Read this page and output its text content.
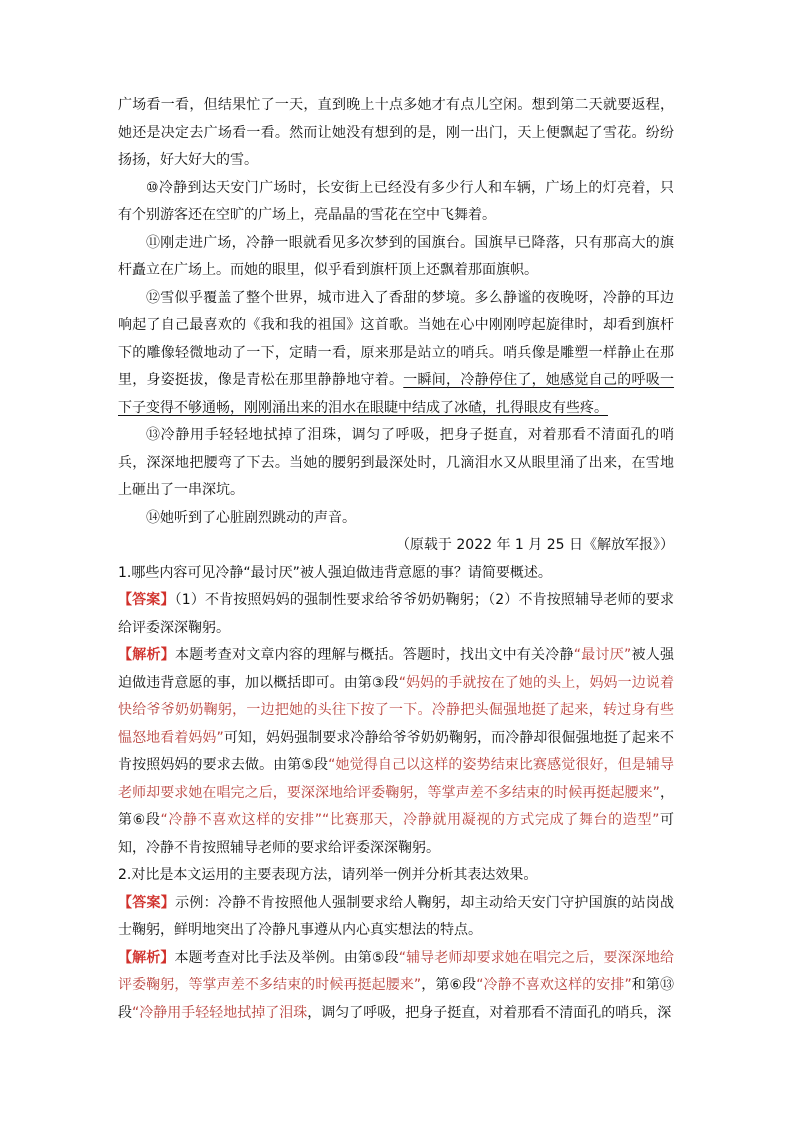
广场看一看，但结果忙了一天，直到晚上十点多她才有点儿空闲。想到第二天就要返程，她还是决定去广场看一看。然而让她没有想到的是，刚一出门，天上便飘起了雪花。纷纷扬扬，好大好大的雪。

⑩冷静到达天安门广场时，长安街上已经没有多少行人和车辆，广场上的灯亮着，只有个别游客还在空旷的广场上，亮晶晶的雪花在空中飞舞着。

⑪刚走进广场，冷静一眼就看见多次梦到的国旗台。国旗早已降落，只有那高大的旗杆矗立在广场上。而她的眼里，似乎看到旗杆顶上还飘着那面旗帜。

⑫雪似乎覆盖了整个世界，城市进入了香甜的梦境。多么静谧的夜晚呀，冷静的耳边响起了自己最喜欢的《我和我的祖国》这首歌。当她在心中刚刚哼起旋律时，却看到旗杆下的雕像轻微地动了一下，定睛一看，原来那是站立的哨兵。哨兵像是雕塑一样静止在那里，身姿挺拔，像是青松在那里静静地守着。一瞬间，冷静停住了，她感觉自己的呼吸一下子变得不够通畅，刚刚涌出来的泪水在眼睫中结成了冰碴，扎得眼皮有些疼。

⑬冷静用手轻轻地拭掉了泪珠，调匀了呼吸，把身子挺直，对着那看不清面孔的哨兵，深深地把腰弯了下去。当她的腰躬到最深处时，几滴泪水又从眼里涌了出来，在雪地上砸出了一串深坑。

⑭她听到了心脏剧烈跳动的声音。

（原载于 2022 年 1 月 25 日《解放军报》）

1.哪些内容可见冷静“最讨厌”被人强迫做违背意愿的事？请简要概述。

【答案】（1）不肯按照妈妈的强制性要求给爷爷奶奶鞠躬；（2）不肯按照辅导老师的要求给评委深深鞠躬。

【解析】本题考查对文章内容的理解与概括。答题时，找出文中有关冷静“最讨厌”被人强迫做违背意愿的事，加以概括即可。由第③段“妈妈的手就按在了她的头上，妈妈一边说着快给爷爷奶奶鞠躬，一边把她的头往下按了一下。冷静把头倔强地挺了起来，转过身有些愠怒地看着妈妈”可知，妈妈强制要求冷静给爷爷奶奶鞠躬，而冷静却很倔强地挺了起来不肯按照妈妈的要求去做。由第⑤段“她觉得自己以这样的姿势结束比赛感觉很好，但是辅导老师却要求她在唱完之后，要深深地给评委鞠躬，等掌声差不多结束的时候再挺起腰来”，第⑥段“冷静不喜欢这样的安排”“比赛那天，冷静就用凝视的方式完成了舞台的造型”可知，冷静不肯按照辅导老师的要求给评委深深鞠躬。

2.对比是本文运用的主要表现方法，请列举一例并分析其表达效果。

【答案】示例：冷静不肯按照他人强制要求给人鞠躬，却主动给天安门守护国旗的站岗战士鞠躬，鲜明地突出了冷静凡事遵从内心真实想法的特点。

【解析】本题考查对比手法及举例。由第⑤段“辅导老师却要求她在唱完之后，要深深地给评委鞠躬，等掌声差不多结束的时候再挺起腰来”，第⑥段“冷静不喜欢这样的安排”和第⑬段“冷静用手轻轻地拭掉了泪珠，调匀了呼吸，把身子挺直，对着那看不清面孔的哨兵，深
